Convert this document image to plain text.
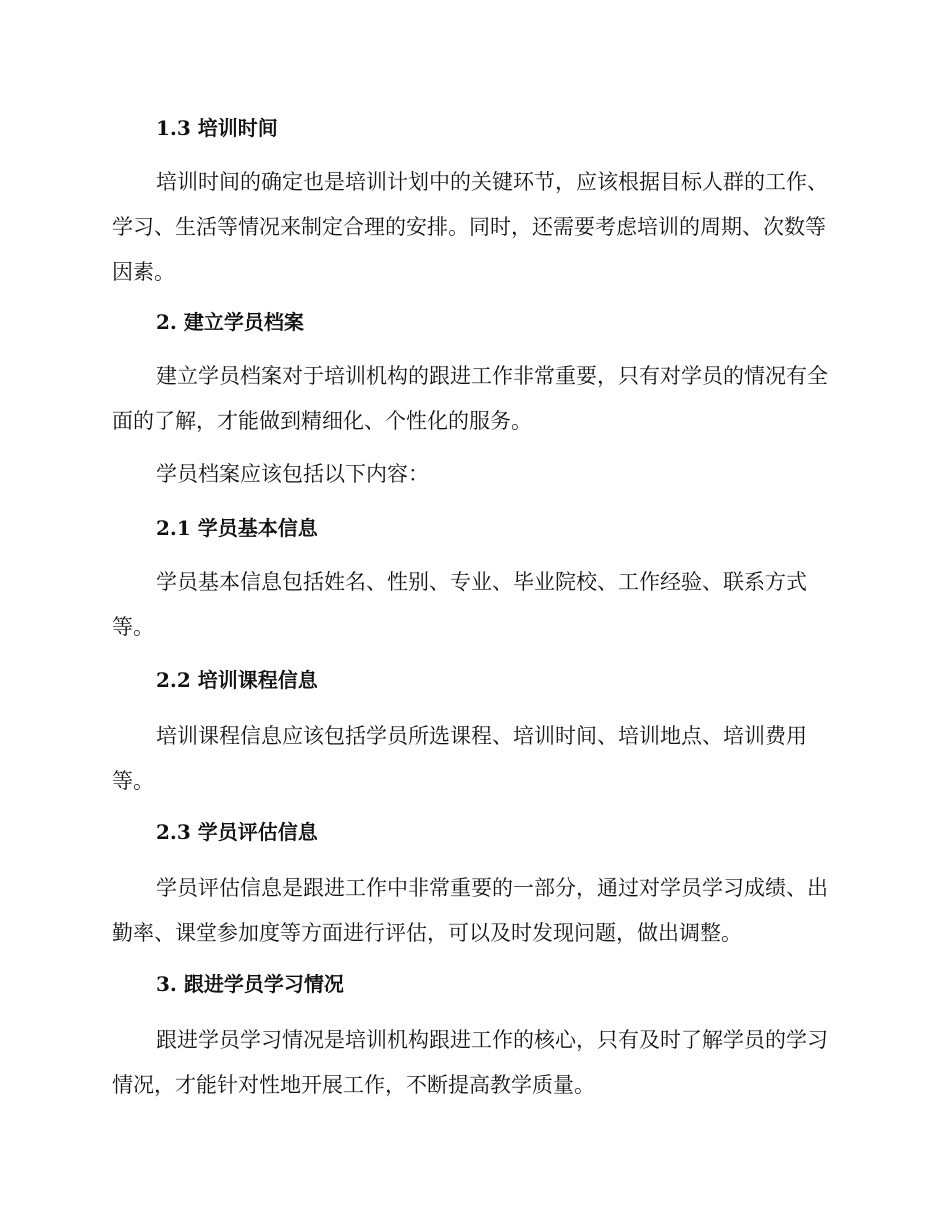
1.3 培训时间

培训时间的确定也是培训计划中的关键环节，应该根据目标人群的工作、学习、生活等情况来制定合理的安排。同时，还需要考虑培训的周期、次数等因素。

2. 建立学员档案

建立学员档案对于培训机构的跟进工作非常重要，只有对学员的情况有全面的了解，才能做到精细化、个性化的服务。

学员档案应该包括以下内容：

2.1 学员基本信息

学员基本信息包括姓名、性别、专业、毕业院校、工作经验、联系方式等。

2.2 培训课程信息

培训课程信息应该包括学员所选课程、培训时间、培训地点、培训费用等。

2.3 学员评估信息

学员评估信息是跟进工作中非常重要的一部分，通过对学员学习成绩、出勤率、课堂参加度等方面进行评估，可以及时发现问题，做出调整。

3. 跟进学员学习情况

跟进学员学习情况是培训机构跟进工作的核心，只有及时了解学员的学习情况，才能针对性地开展工作，不断提高教学质量。
